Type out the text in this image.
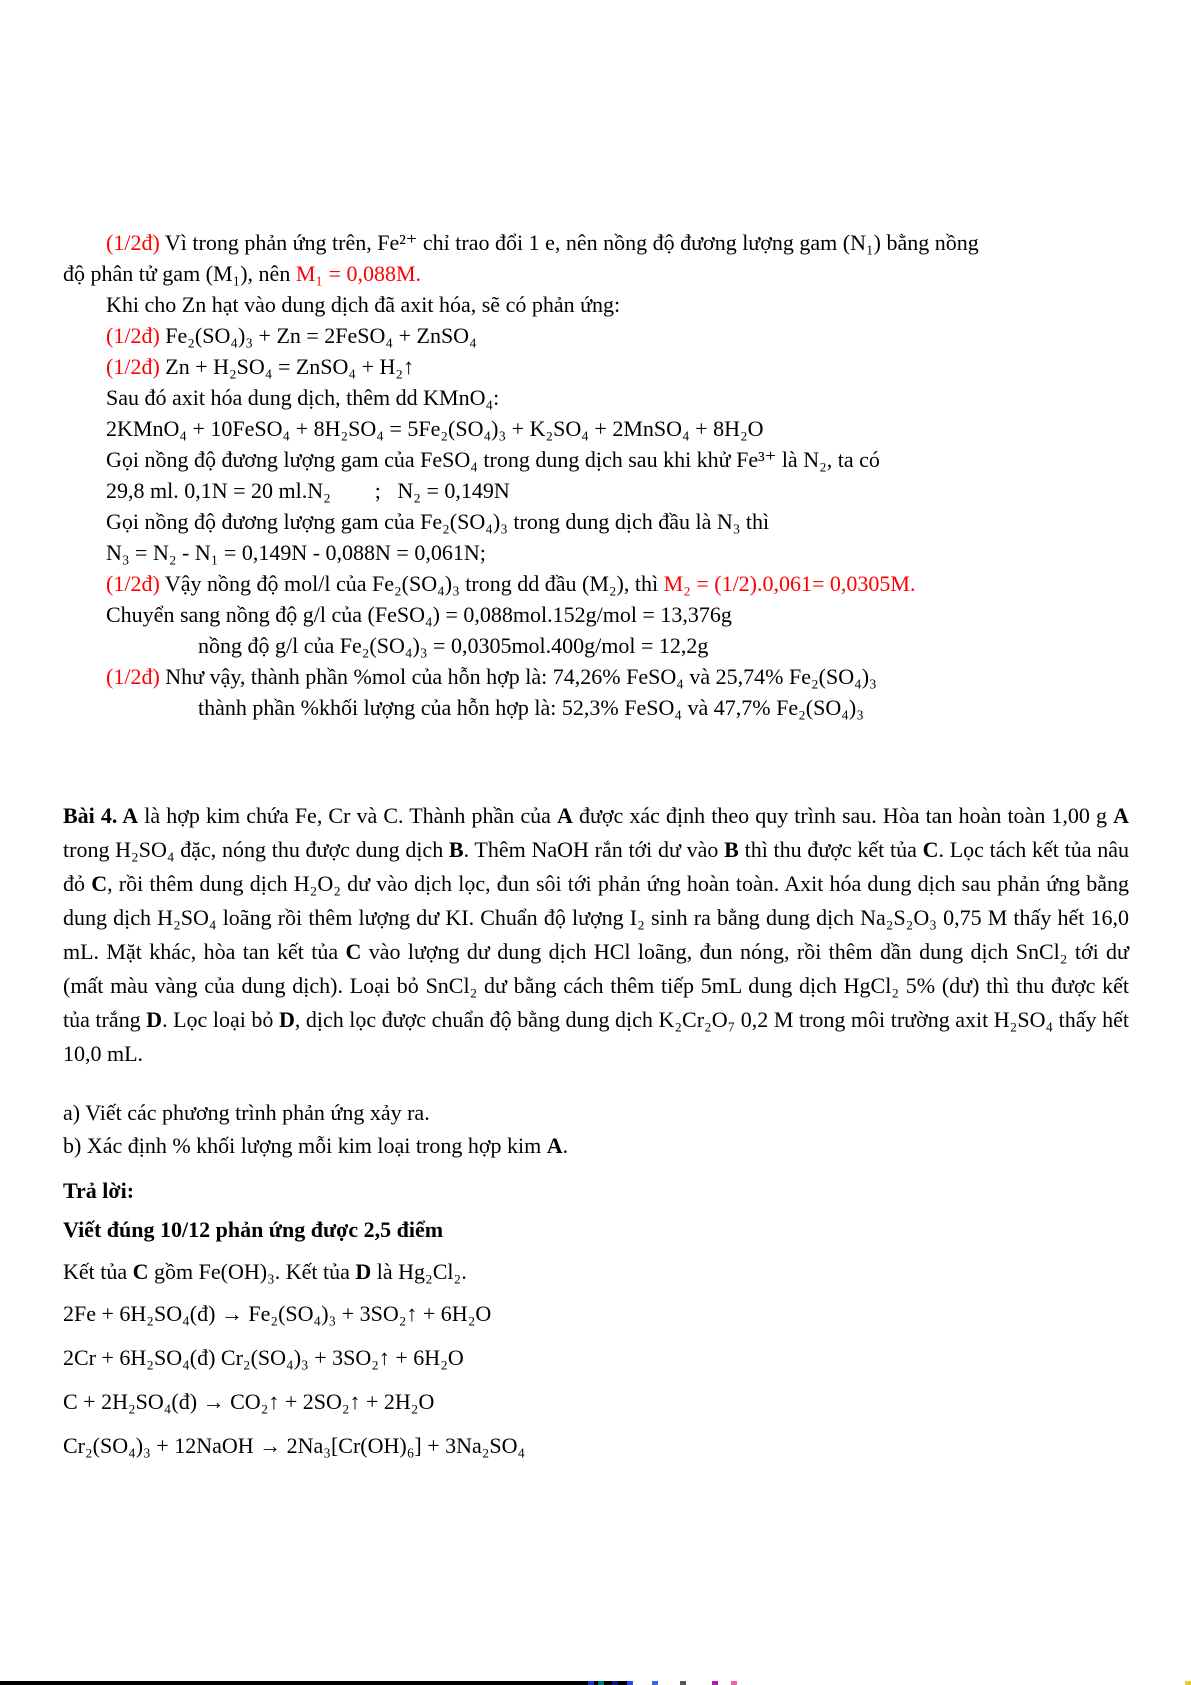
(1/2đ) Vì trong phản ứng trên, Fe²⁺ chỉ trao đổi 1 e, nên nồng độ đương lượng gam (N₁) bằng nồng
độ phân tử gam (M₁), nên M₁ = 0,088M.
Khi cho Zn hạt vào dung dịch đã axit hóa, sẽ có phản ứng:
(1/2đ) Fe₂(SO₄)₃ + Zn = 2FeSO₄ + ZnSO₄
(1/2đ) Zn + H₂SO₄ = ZnSO₄ + H₂↑
Sau đó axit hóa dung dịch, thêm dd KMnO₄:
2KMnO₄ + 10FeSO₄ + 8H₂SO₄ = 5Fe₂(SO₄)₃ + K₂SO₄ + 2MnSO₄ + 8H₂O
Gọi nồng độ đương lượng gam của FeSO₄ trong dung dịch sau khi khử Fe³⁺ là N₂, ta có
29,8 ml. 0,1N = 20 ml.N₂        ;   N₂ = 0,149N
Gọi nồng độ đương lượng gam của Fe₂(SO₄)₃ trong dung dịch đầu là N₃ thì
N₃ = N₂ - N₁ = 0,149N - 0,088N = 0,061N;
(1/2đ) Vậy nồng độ mol/l của Fe₂(SO₄)₃ trong dd đầu (M₂), thì M₂ = (1/2).0,061= 0,0305M.
Chuyển sang nồng độ g/l của (FeSO₄) = 0,088mol.152g/mol = 13,376g
nồng độ g/l của Fe₂(SO₄)₃ = 0,0305mol.400g/mol = 12,2g
(1/2đ) Như vậy, thành phần %mol của hỗn hợp là: 74,26% FeSO₄ và 25,74% Fe₂(SO₄)₃
thành phần %khối lượng của hỗn hợp là: 52,3% FeSO₄ và 47,7% Fe₂(SO₄)₃
Bài 4. A là hợp kim chứa Fe, Cr và C. Thành phần của A được xác định theo quy trình sau. Hòa tan hoàn toàn 1,00 g A trong H₂SO₄ đặc, nóng thu được dung dịch B. Thêm NaOH rắn tới dư vào B thì thu được kết tủa C. Lọc tách kết tủa nâu đỏ C, rồi thêm dung dịch H₂O₂ dư vào dịch lọc, đun sôi tới phản ứng hoàn toàn. Axit hóa dung dịch sau phản ứng bằng dung dịch H₂SO₄ loãng rồi thêm lượng dư KI. Chuẩn độ lượng I₂ sinh ra bằng dung dịch Na₂S₂O₃ 0,75 M thấy hết 16,0 mL. Mặt khác, hòa tan kết tủa C vào lượng dư dung dịch HCl loãng, đun nóng, rồi thêm dần dung dịch SnCl₂ tới dư (mất màu vàng của dung dịch). Loại bỏ SnCl₂ dư bằng cách thêm tiếp 5mL dung dịch HgCl₂ 5% (dư) thì thu được kết tủa trắng D. Lọc loại bỏ D, dịch lọc được chuẩn độ bằng dung dịch K₂Cr₂O₇ 0,2 M trong môi trường axit H₂SO₄ thấy hết 10,0 mL.
a) Viết các phương trình phản ứng xảy ra.
b) Xác định % khối lượng mỗi kim loại trong hợp kim A.
Trả lời:
Viết đúng 10/12 phản ứng được 2,5 điểm
Kết tủa C gồm Fe(OH)₃. Kết tủa D là Hg₂Cl₂.
2Fe + 6H₂SO₄(đ) → Fe₂(SO₄)₃ + 3SO₂↑ + 6H₂O
2Cr + 6H₂SO₄(đ) Cr₂(SO₄)₃ + 3SO₂↑ + 6H₂O
C + 2H₂SO₄(đ) → CO₂↑ + 2SO₂↑ + 2H₂O
Cr₂(SO₄)₃ + 12NaOH → 2Na₃[Cr(OH)₆] + 3Na₂SO₄
